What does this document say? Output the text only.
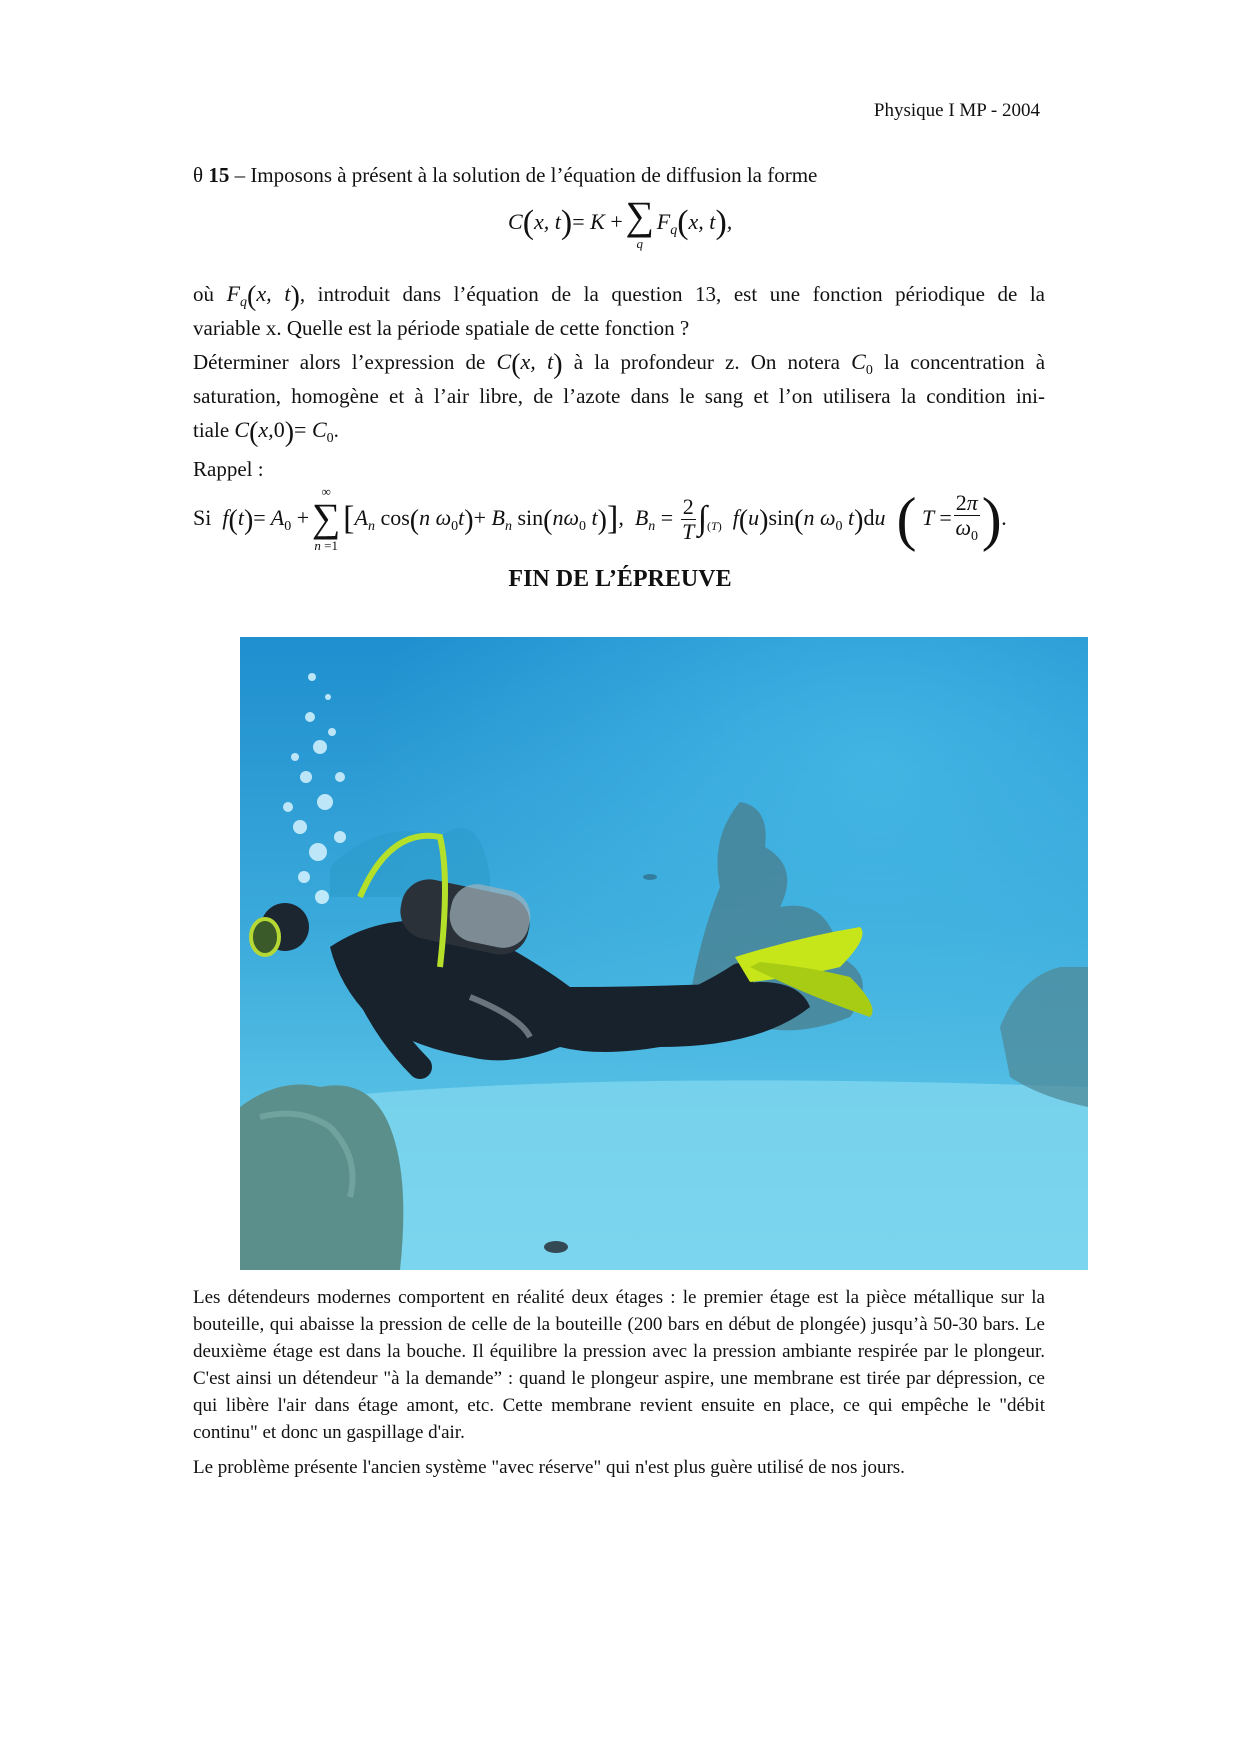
Physique I MP - 2004
θ 15 – Imposons à présent à la solution de l’équation de diffusion la forme
C(x, t)= K + ∑
q
$F_q(x$, t),
où $F_q(x$, t), introduit dans l’équation de la question 13, est une fonction périodique de la
variable x. Quelle est la période spatiale de cette fonction ?
Déterminer alors l’expression de C(x, t) à la profondeur z. On notera $C_0$ la concentration à
saturation, homogène et à l’air libre, de l’azote dans le sang et l’on utilisera la condition ini-
tiale $C(x,0)= C_0$.
Rappel :
Si  $f(t)= A_0$ +
∞
∑
n =1
[$A_n$ cos(n $\omega_0t)+ B_n$ $\sin(n\omega_0$ t)],  $B_n = \frac{2}{T} \int_{(T)}$  f(u)sin(n $\omega_0$ t)du  ( $T = \frac{2\pi}{\omega_0}$ ).
FIN DE L’ÉPREUVE
Les détendeurs modernes comportent en réalité deux étages : le premier étage est la pièce métallique sur la bouteille, qui abaisse la pression de celle de la bouteille (200 bars en début de plongée) jusqu’à 50-30 bars. Le deuxième étage est dans la bouche. Il équilibre la pression avec la pression ambiante respirée par le plongeur. C'est ainsi un détendeur "à la demande” : quand le plongeur aspire, une membrane est tirée par dépression, ce qui libère l'air dans étage amont, etc. Cette membrane revient ensuite en place, ce qui empêche le "débit continu" et donc un gaspillage d'air.
Le problème présente l'ancien système "avec réserve" qui n'est plus guère utilisé de nos jours.
